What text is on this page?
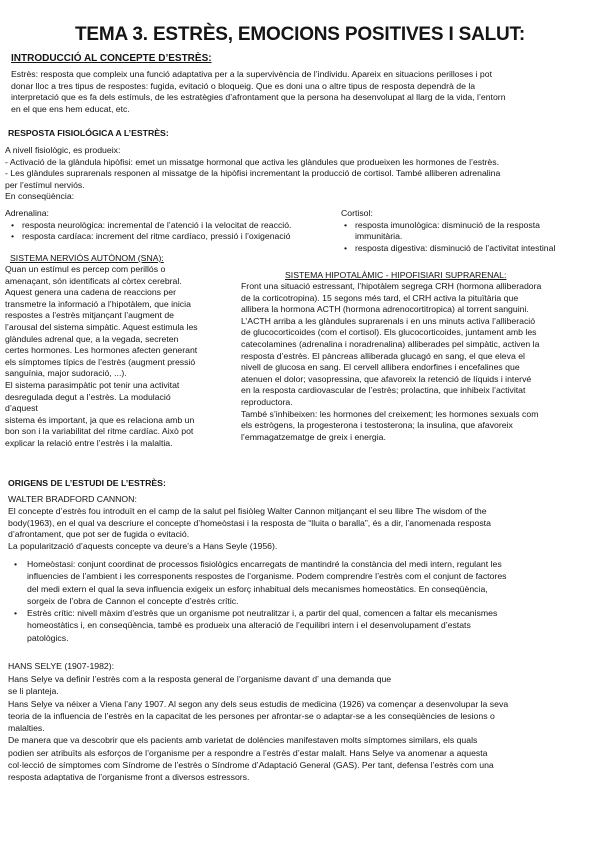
TEMA 3. ESTRÈS, EMOCIONS POSITIVES I SALUT:
INTRODUCCIÓ AL CONCEPTE D’ESTRÈS:

Estrès: resposta que compleix una funció adaptativa per a la supervivència de l’individu. Apareix en situacions perilloses i pot

donar lloc a tres tipus de respostes: fugida, evitació o bloqueig. Que es doni una o altre tipus de resposta dependrà de la

interpretació que es fa dels estímuls, de les estratègies d’afrontament que la persona ha desenvolupat al llarg de la vida, l’entorn

en el que ens hem educat, etc.

RESPOSTA FISIOLÓGICA A L’ESTRÈS:

A nivell fisiològic, es produeix:

- Activació de la glàndula hipòfisi: emet un missatge hormonal que activa les glàndules que produeixen les hormones de l’estrès.

- Les glàndules suprarenals responen al missatge de la hipòfisi incrementant la producció de cortisol. També alliberen adrenalina

per l’estímul nerviós.

En conseqüència:

Adrenalina:

• resposta neurològica: incremental de l’atenció i la velocitat de reacció.
• resposta cardíaca: increment del ritme cardíaco, pressió i l’oxigenació

Cortisol:

• resposta imunològica: disminució de la resposta immunitària.
• resposta digestiva: disminució de l’activitat intestinal
SISTEMA NERVIÓS AUTÒNOM (SNA):

Quan un estímul es percep com perillós o

amenaçant, són identificats al còrtex cerebral.

Aquest genera una cadena de reaccions per

transmetre la informació a l’hipotàlem, que inicia

respostes a l’estrès mitjançant l’augment de

l’arousal del sistema simpàtic. Aquest estimula les

glàndules adrenal que, a la vegada, secreten

certes hormones. Les hormones afecten generant

els símptomes típics de l’estrès (augment pressió

sanguínia, major sudoració, ...).

El sistema parasimpàtic pot tenir una activitat

desregulada degut a l’estrès. La modulació

d’aquest

sistema és important, ja que es relaciona amb un

bon son i la variabilitat del ritme cardíac. Això pot

explicar la relació entre l’estrès i la malaltia.

SISTEMA HIPOTALÀMIC - HIPOFISIARI SUPRARENAL:

Front una situació estressant, l’hipotàlem segrega CRH (hormona alliberadora

de la corticotropina). 15 segons més tard, el CRH activa la pituïtària que

allibera la hormona ACTH (hormona adrenocortitropica) al torrent sanguini.

L’ACTH arriba a les glàndules suprarenals i en uns minuts activa l’alliberació

de glucocorticoides (com el cortisol). Els glucocorticoides, juntament amb les

catecolamines (adrenalina i noradrenalina) alliberades pel simpàtic, activen la

resposta d’estrès. El pàncreas alliberada glucagó en sang, el que eleva el

nivell de glucosa en sang. El cervell allibera endorfines i encefalines que

atenuen el dolor; vasopressina, que afavoreix la retenció de líquids i intervé

en la resposta cardiovascular de l’estrès; prolactina, que inhibeix l’activitat

reproductora.

També s’inhibeixen: les hormones del creixement; les hormones sexuals com

els estrògens, la progesterona i testosterona; la insulina, que afavoreix

l’emmagatzematge de greix i energia.

ORIGENS DE L’ESTUDI DE L’ESTRÈS:
WALTER BRADFORD CANNON:

El concepte d’estrès fou introduït en el camp de la salut pel fisiòleg Walter Cannon mitjançant el seu llibre The wisdom of the

body(1963), en el qual va descriure el concepte d’homeòstasi i la resposta de “lluita o baralla”, és a dir, l’anomenada resposta

d’afrontament, que pot ser de fugida o evitació.

La popularització d’aquests concepte va deure’s a Hans Seyle (1956).

• Homeòstasi: conjunt coordinat de processos fisiològics encarregats de mantindré la constància del medi intern, regulant les

influencies de l’ambient i les corresponents respostes de l’organisme. Podem comprendre l’estrès com el conjunt de factores

del medi extern el qual la seva influencia exigeix un esforç inhabitual dels mecanismes homeostàtics. En conseqüència,

sorgeix de l’obra de Cannon el concepte d’estrès crític.

• Estrès crític: nivell màxim d’estrès que un organisme pot neutralitzar i, a partir del qual, comencen a faltar els mecanismes

homeostàtics i, en conseqüència, també es produeix una alteració de l’equilibri intern i el desenvolupament d’estats

patològics.

HANS SELYE (1907-1982):

Hans Selye va definir l’estrès com a la resposta general de l’organisme davant d’ una demanda que

se li planteja.

Hans Selye va néixer a Viena l’any 1907. Al segon any dels seus estudis de medicina (1926) va començar a desenvolupar la seva

teoria de la influencia de l’estrès en la capacitat de les persones per afrontar-se o adaptar-se a les conseqüències de lesions o

malalties.

De manera que va descobrir que els pacients amb varietat de dolències manifestaven molts símptomes similars, els quals

podien ser atribuïts als esforços de l’organisme per a respondre a l’estrès d’estar malalt. Hans Selye va anomenar a aquesta

col·lecció de símptomes com Síndrome de l’estrès o Síndrome d’Adaptació General (GAS). Per tant, defensa l’estrès com una

resposta adaptativa de l’organisme front a diversos estressors.
